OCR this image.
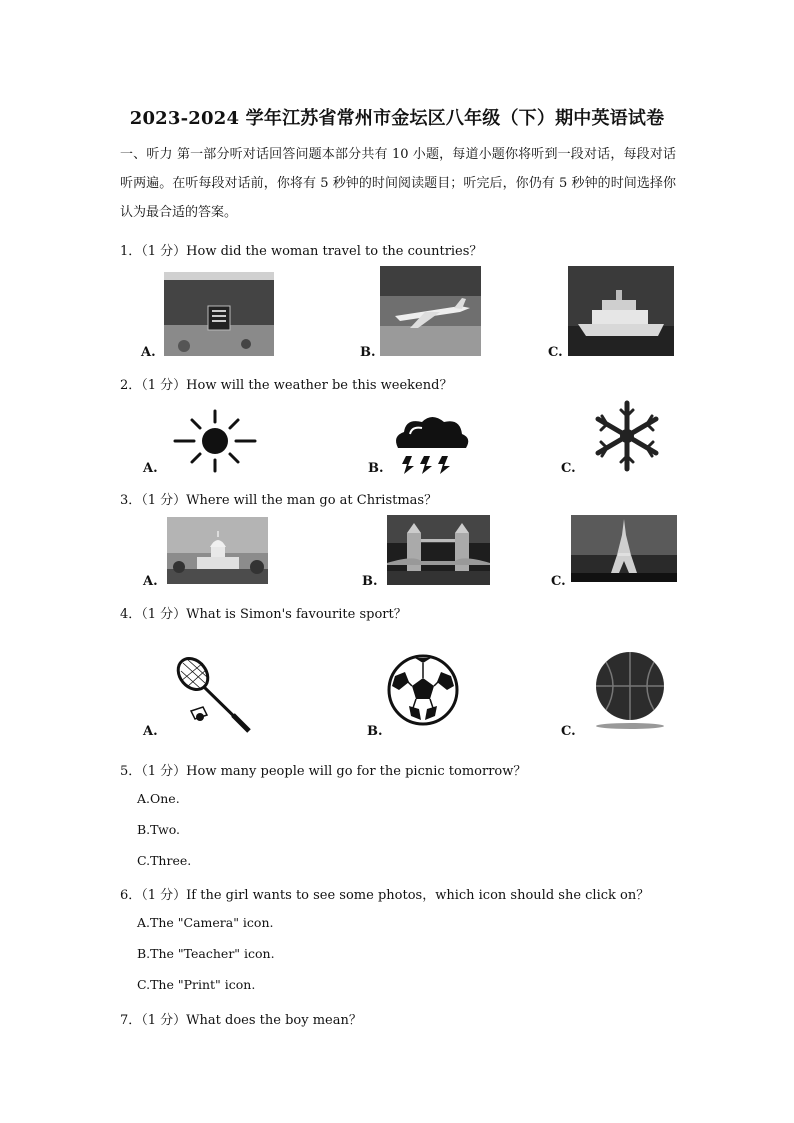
2023-2024 学年江苏省常州市金坛区八年级（下）期中英语试卷
一、听力 第一部分听对话回答问题本部分共有 10 小题，每道小题你将听到一段对话，每段对话听两遍。在听每段对话前，你将有 5 秒钟的时间阅读题目；听完后，你仍有 5 秒钟的时间选择你认为最合适的答案。
1．（1 分）How did the woman travel to the countries？
A.	B.	C.
2．（1 分）How will the weather be this weekend？
A.	B.	C.
3．（1 分）Where will the man go at Christmas？
A.	B.	C.
4．（1 分）What is Simon's favourite sport？
A.	B.	C.
5．（1 分）How many people will go for the picnic tomorrow？
A.One.
B.Two.
C.Three.
6．（1 分）If the girl wants to see some photos，which icon should she click on？
A.The "Camera" icon.
B.The "Teacher" icon.
C.The "Print" icon.
7．（1 分）What does the boy mean？
